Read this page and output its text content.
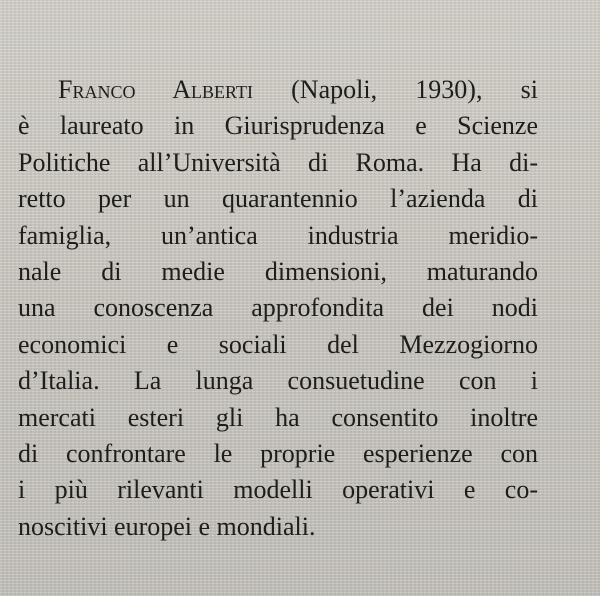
Franco Alberti (Napoli, 1930), si
è laureato in Giurisprudenza e Scienze
Politiche all’Università di Roma. Ha di-
retto per un quarantennio l’azienda di
famiglia, un’antica industria meridio-
nale di medie dimensioni, maturando
una conoscenza approfondita dei nodi
economici e sociali del Mezzogiorno
d’Italia. La lunga consuetudine con i
mercati esteri gli ha consentito inoltre
di confrontare le proprie esperienze con
i più rilevanti modelli operativi e co-
noscitivi europei e mondiali.
